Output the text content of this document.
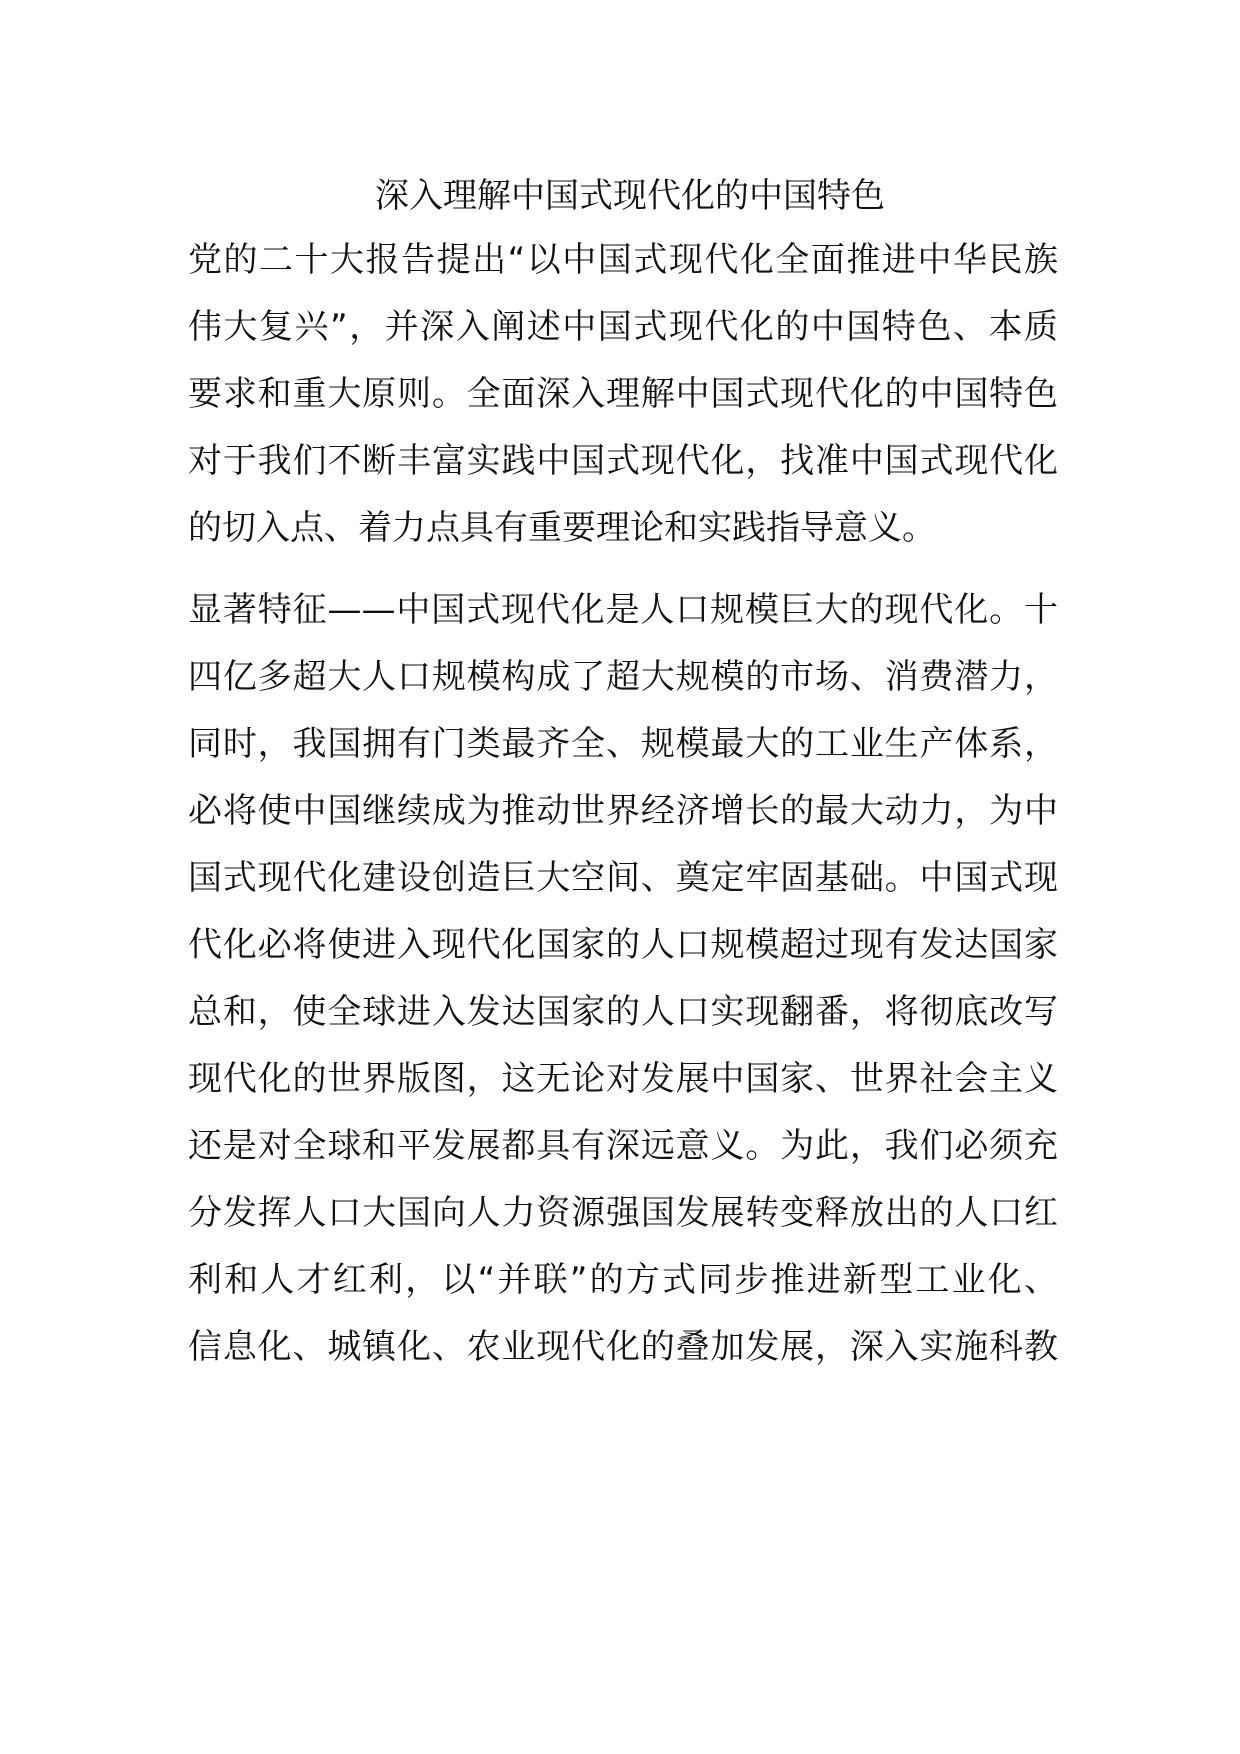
深入理解中国式现代化的中国特色
党的二十大报告提出“以中国式现代化全面推进中华民族
伟大复兴”，并深入阐述中国式现代化的中国特色、本质
要求和重大原则。全面深入理解中国式现代化的中国特色
对于我们不断丰富实践中国式现代化，找准中国式现代化
的切入点、着力点具有重要理论和实践指导意义。
显著特征——中国式现代化是人口规模巨大的现代化。十
四亿多超大人口规模构成了超大规模的市场、消费潜力，
同时，我国拥有门类最齐全、规模最大的工业生产体系，
必将使中国继续成为推动世界经济增长的最大动力，为中
国式现代化建设创造巨大空间、奠定牢固基础。中国式现
代化必将使进入现代化国家的人口规模超过现有发达国家
总和，使全球进入发达国家的人口实现翻番，将彻底改写
现代化的世界版图，这无论对发展中国家、世界社会主义
还是对全球和平发展都具有深远意义。为此，我们必须充
分发挥人口大国向人力资源强国发展转变释放出的人口红
利和人才红利，以“并联”的方式同步推进新型工业化、
信息化、城镇化、农业现代化的叠加发展，深入实施科教
